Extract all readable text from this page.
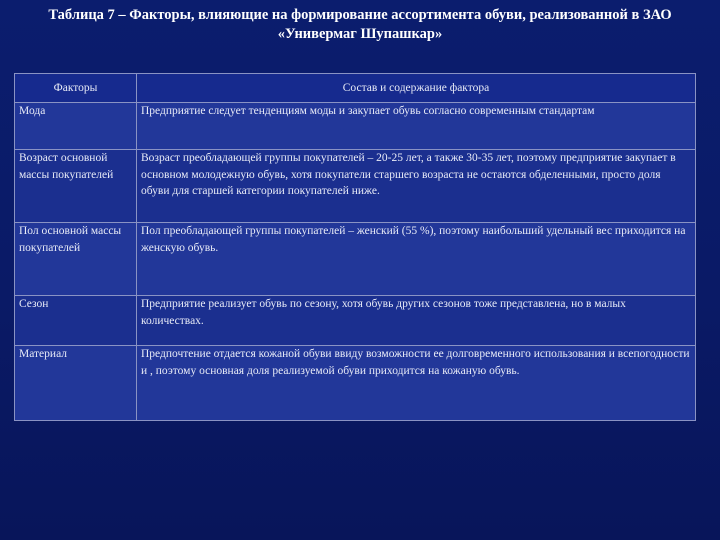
Таблица 7 – Факторы, влияющие на формирование ассортимента обуви, реализованной в ЗАО «Универмаг Шупашкар»
Факторы	Состав и содержание фактора
Мода	Предприятие следует тенденциям моды и закупает обувь согласно современным стандартам
Возраст основной массы покупателей	Возраст преобладающей группы покупателей – 20-25 лет, а также 30-35 лет, поэтому предприятие закупает в основном молодежную обувь, хотя покупатели старшего возраста не остаются обделенными, просто доля обуви для старшей категории покупателей ниже.
Пол основной массы покупателей	Пол преобладающей группы покупателей – женский (55 %), поэтому наибольший удельный вес приходится на женскую обувь.
Сезон	Предприятие реализует обувь по сезону, хотя обувь других сезонов тоже представлена, но в малых количествах.
Материал	Предпочтение отдается кожаной обуви ввиду возможности ее долговременного использования и всепогодности и , поэтому основная доля реализуемой обуви приходится на кожаную обувь.
